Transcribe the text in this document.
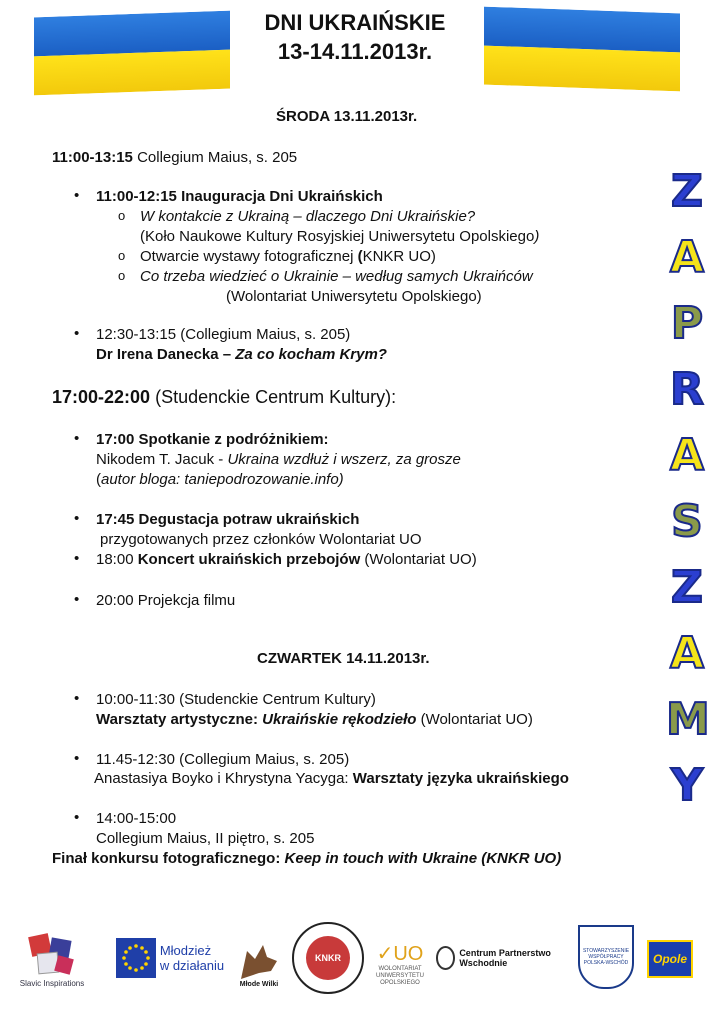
DNI UKRAIŃSKIE
13-14.11.2013r.
ŚRODA 13.11.2013r.
11:00-13:15 Collegium Maius, s. 205
• 11:00-12:15 Inauguracja Dni Ukraińskich
o W kontakcie z Ukrainą – dlaczego Dni Ukraińskie?
(Koło Naukowe Kultury Rosyjskiej Uniwersytetu Opolskiego)
o Otwarcie wystawy fotograficznej (KNKR UO)
o Co trzeba wiedzieć o Ukrainie – według samych Ukraińców
(Wolontariat Uniwersytetu Opolskiego)
• 12:30-13:15 (Collegium Maius, s. 205)
Dr Irena Danecka – Za co kocham Krym?
17:00-22:00 (Studenckie Centrum Kultury):
• 17:00 Spotkanie z podróżnikiem:
Nikodem T. Jacuk - Ukraina wzdłuż i wszerz, za grosze
(autor bloga: taniepodrozowanie.info)
• 17:45 Degustacja potraw ukraińskich
przygotowanych przez członków Wolontariat UO
• 18:00 Koncert ukraińskich przebojów (Wolontariat UO)
• 20:00 Projekcja filmu
CZWARTEK 14.11.2013r.
• 10:00-11:30 (Studenckie Centrum Kultury)
Warsztaty artystyczne: Ukraińskie rękodzieło (Wolontariat UO)
• 11.45-12:30 (Collegium Maius, s. 205)
Anastasiya Boyko i Khrystyna Yacyga: Warsztaty języka ukraińskiego
• 14:00-15:00
Collegium Maius, II piętro, s. 205
Finał konkursu fotograficznego: Keep in touch with Ukraine (KNKR UO)
Z
A
P
R
A
S
Z
A
M
Y
Slavic Inspirations
Młodzież
w działaniu
Młode Wilki
KNKR	✓UO
WOLONTARIAT
UNIWERSYTETU
OPOLSKIEGO
Centrum Partnerstwo Wschodnie
STOWARZYSZENIE WSPÓŁPRACY POLSKA-WSCHÓD	Opole
